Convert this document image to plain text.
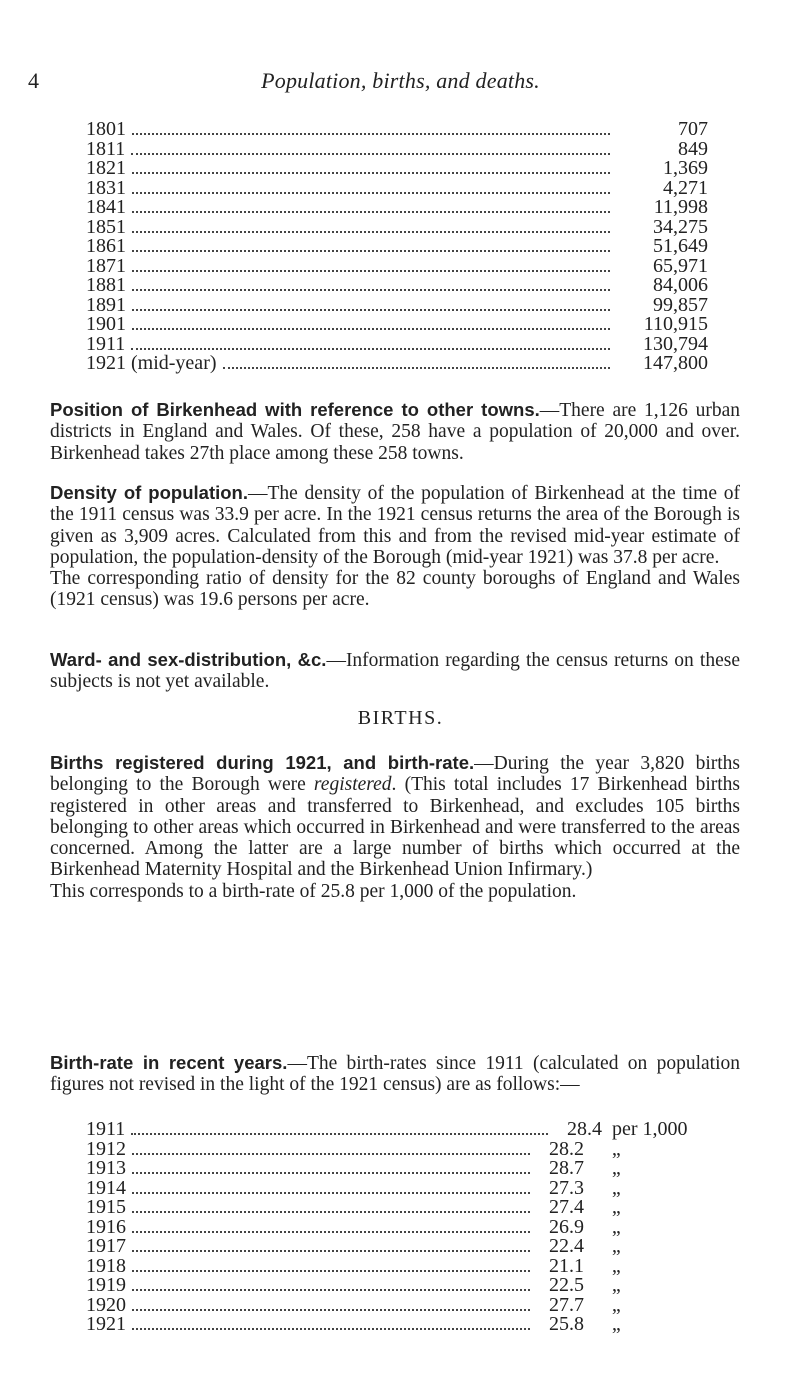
4	Population, births, and deaths.
1801	707
1811	849
1821	1,369
1831	4,271
1841	11,998
1851	34,275
1861	51,649
1871	65,971
1881	84,006
1891	99,857
1901	110,915
1911	130,794
1921 (mid-year)	147,800

Position of Birkenhead with reference to other towns.—There are 1,126 urban districts in England and Wales. Of these, 258 have a population of 20,000 and over. Birkenhead takes 27th place among these 258 towns.

Density of population.—The density of the population of Birkenhead at the time of the 1911 census was 33.9 per acre. In the 1921 census returns the area of the Borough is given as 3,909 acres. Calculated from this and from the revised mid-year estimate of population, the population-density of the Borough (mid-year 1921) was 37.8 per acre.

The corresponding ratio of density for the 82 county boroughs of England and Wales (1921 census) was 19.6 persons per acre.

Ward- and sex-distribution, &c.—Information regarding the census returns on these subjects is not yet available.

BIRTHS.

Births registered during 1921, and birth-rate.—During the year 3,820 births belonging to the Borough were registered. (This total includes 17 Birkenhead births registered in other areas and transferred to Birkenhead, and excludes 105 births belonging to other areas which occurred in Birkenhead and were transferred to the areas concerned. Among the latter are a large number of births which occurred at the Birkenhead Maternity Hospital and the Birkenhead Union Infirmary.)

This corresponds to a birth-rate of 25.8 per 1,000 of the population.

Birth-rate in recent years.—The birth-rates since 1911 (calculated on population figures not revised in the light of the 1921 census) are as follows:—

1911	28.4 per 1,000
1912	28.2	,,
1913	28.7	,,
1914	27.3	,,
1915	27.4	,,
1916	26.9	,,
1917	22.4	,,
1918	21.1	,,
1919	22.5	,,
1920	27.7	,,
1921	25.8	,,
